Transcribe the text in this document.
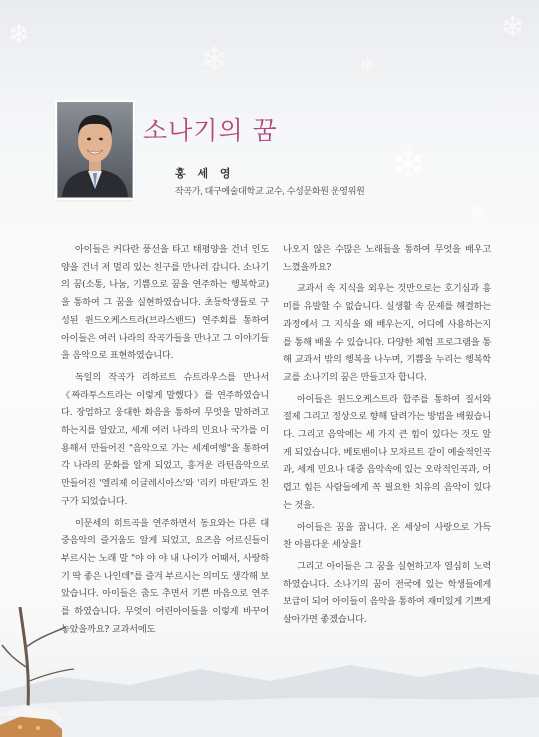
❄
❄
❄
❄
❄
❄
소나기의 꿈
홍 세 영
작곡가, 대구예술대학교 교수, 수성문화원 운영위원

아이들은 커다란 풍선을 타고 태평양을 건너 인도양을 건너 저 멀리 있는 친구를 만나러 갑니다. 소나기의 꿈(소통, 나눔, 기쁨으로 꿈을 연주하는 행복학교)을 통하여 그 꿈을 실현하였습니다. 초등학생들로 구성된 윈드오케스트라(브라스밴드) 연주회를 통하여 아이들은 여러 나라의 작곡가들을 만나고 그 이야기들을 음악으로 표현하였습니다.

독일의 작곡가 리하르트 슈트라우스를 만나서 《짜라투스트라는 이렇게 말했다》를 연주하였습니다. 장엄하고 웅대한 화음을 통하여 무엇을 말하려고 하는지를 알았고, 세계 여러 나라의 민요나 국가를 이용해서 만들어진 "음악으로 가는 세계여행"을 통하여 각 나라의 문화를 알게 되었고, 흥겨운 라틴음악으로 만들어진 '엘리제 이글레시아스'와 '리키 마틴'과도 친구가 되었습니다.

이문세의 히트곡을 연주하면서 동요와는 다른 대중음악의 즐거움도 알게 되었고, 요즈음 어르신들이 부르시는 노래 말 "야 야 야 내 나이가 어때서, 사랑하기 딱 좋은 나인데"를 즐겨 부르시는 의미도 생각해 보았습니다. 아이들은 춤도 추면서 기쁜 마음으로 연주를 하였습니다. 무엇이 어린아이들을 이렇게 바꾸어 놓았을까요? 교과서에도

나오지 않은 수많은 노래들을 통하여 무엇을 배우고 느꼈을까요?

교과서 속 지식을 외우는 것만으로는 호기심과 흥미를 유발할 수 없습니다. 실생활 속 문제를 해결하는 과정에서 그 지식을 왜 배우는지, 어디에 사용하는지를 통해 배울 수 있습니다. 다양한 체험 프로그램을 통해 교과서 밖의 행복을 나누며, 기쁨을 누리는 행복학교를 소나기의 꿈은 만들고자 합니다.

아이들은 윈드오케스트라 합주를 통하여 질서와 절제 그리고 정상으로 향해 달려가는 방법을 배웠습니다. 그리고 음악에는 세 가지 큰 힘이 있다는 것도 알게 되었습니다. 베토벤이나 모차르트 같이 예술적인곡과, 세계 민요나 대중 음악속에 있는 오락적인곡과, 어렵고 힘든 사람들에게 꼭 필요한 치유의 음악이 있다는 것을.

아이들은 꿈을 꿉니다. 온 세상이 사랑으로 가득 찬 아름다운 세상을!

그리고 아이들은 그 꿈을 실현하고자 열심히 노력하였습니다. 소나기의 꿈이 전국에 있는 학생들에게 보급이 되어 아이들이 음악을 통하여 재미있게 기쁘게 살아가면 좋겠습니다.
